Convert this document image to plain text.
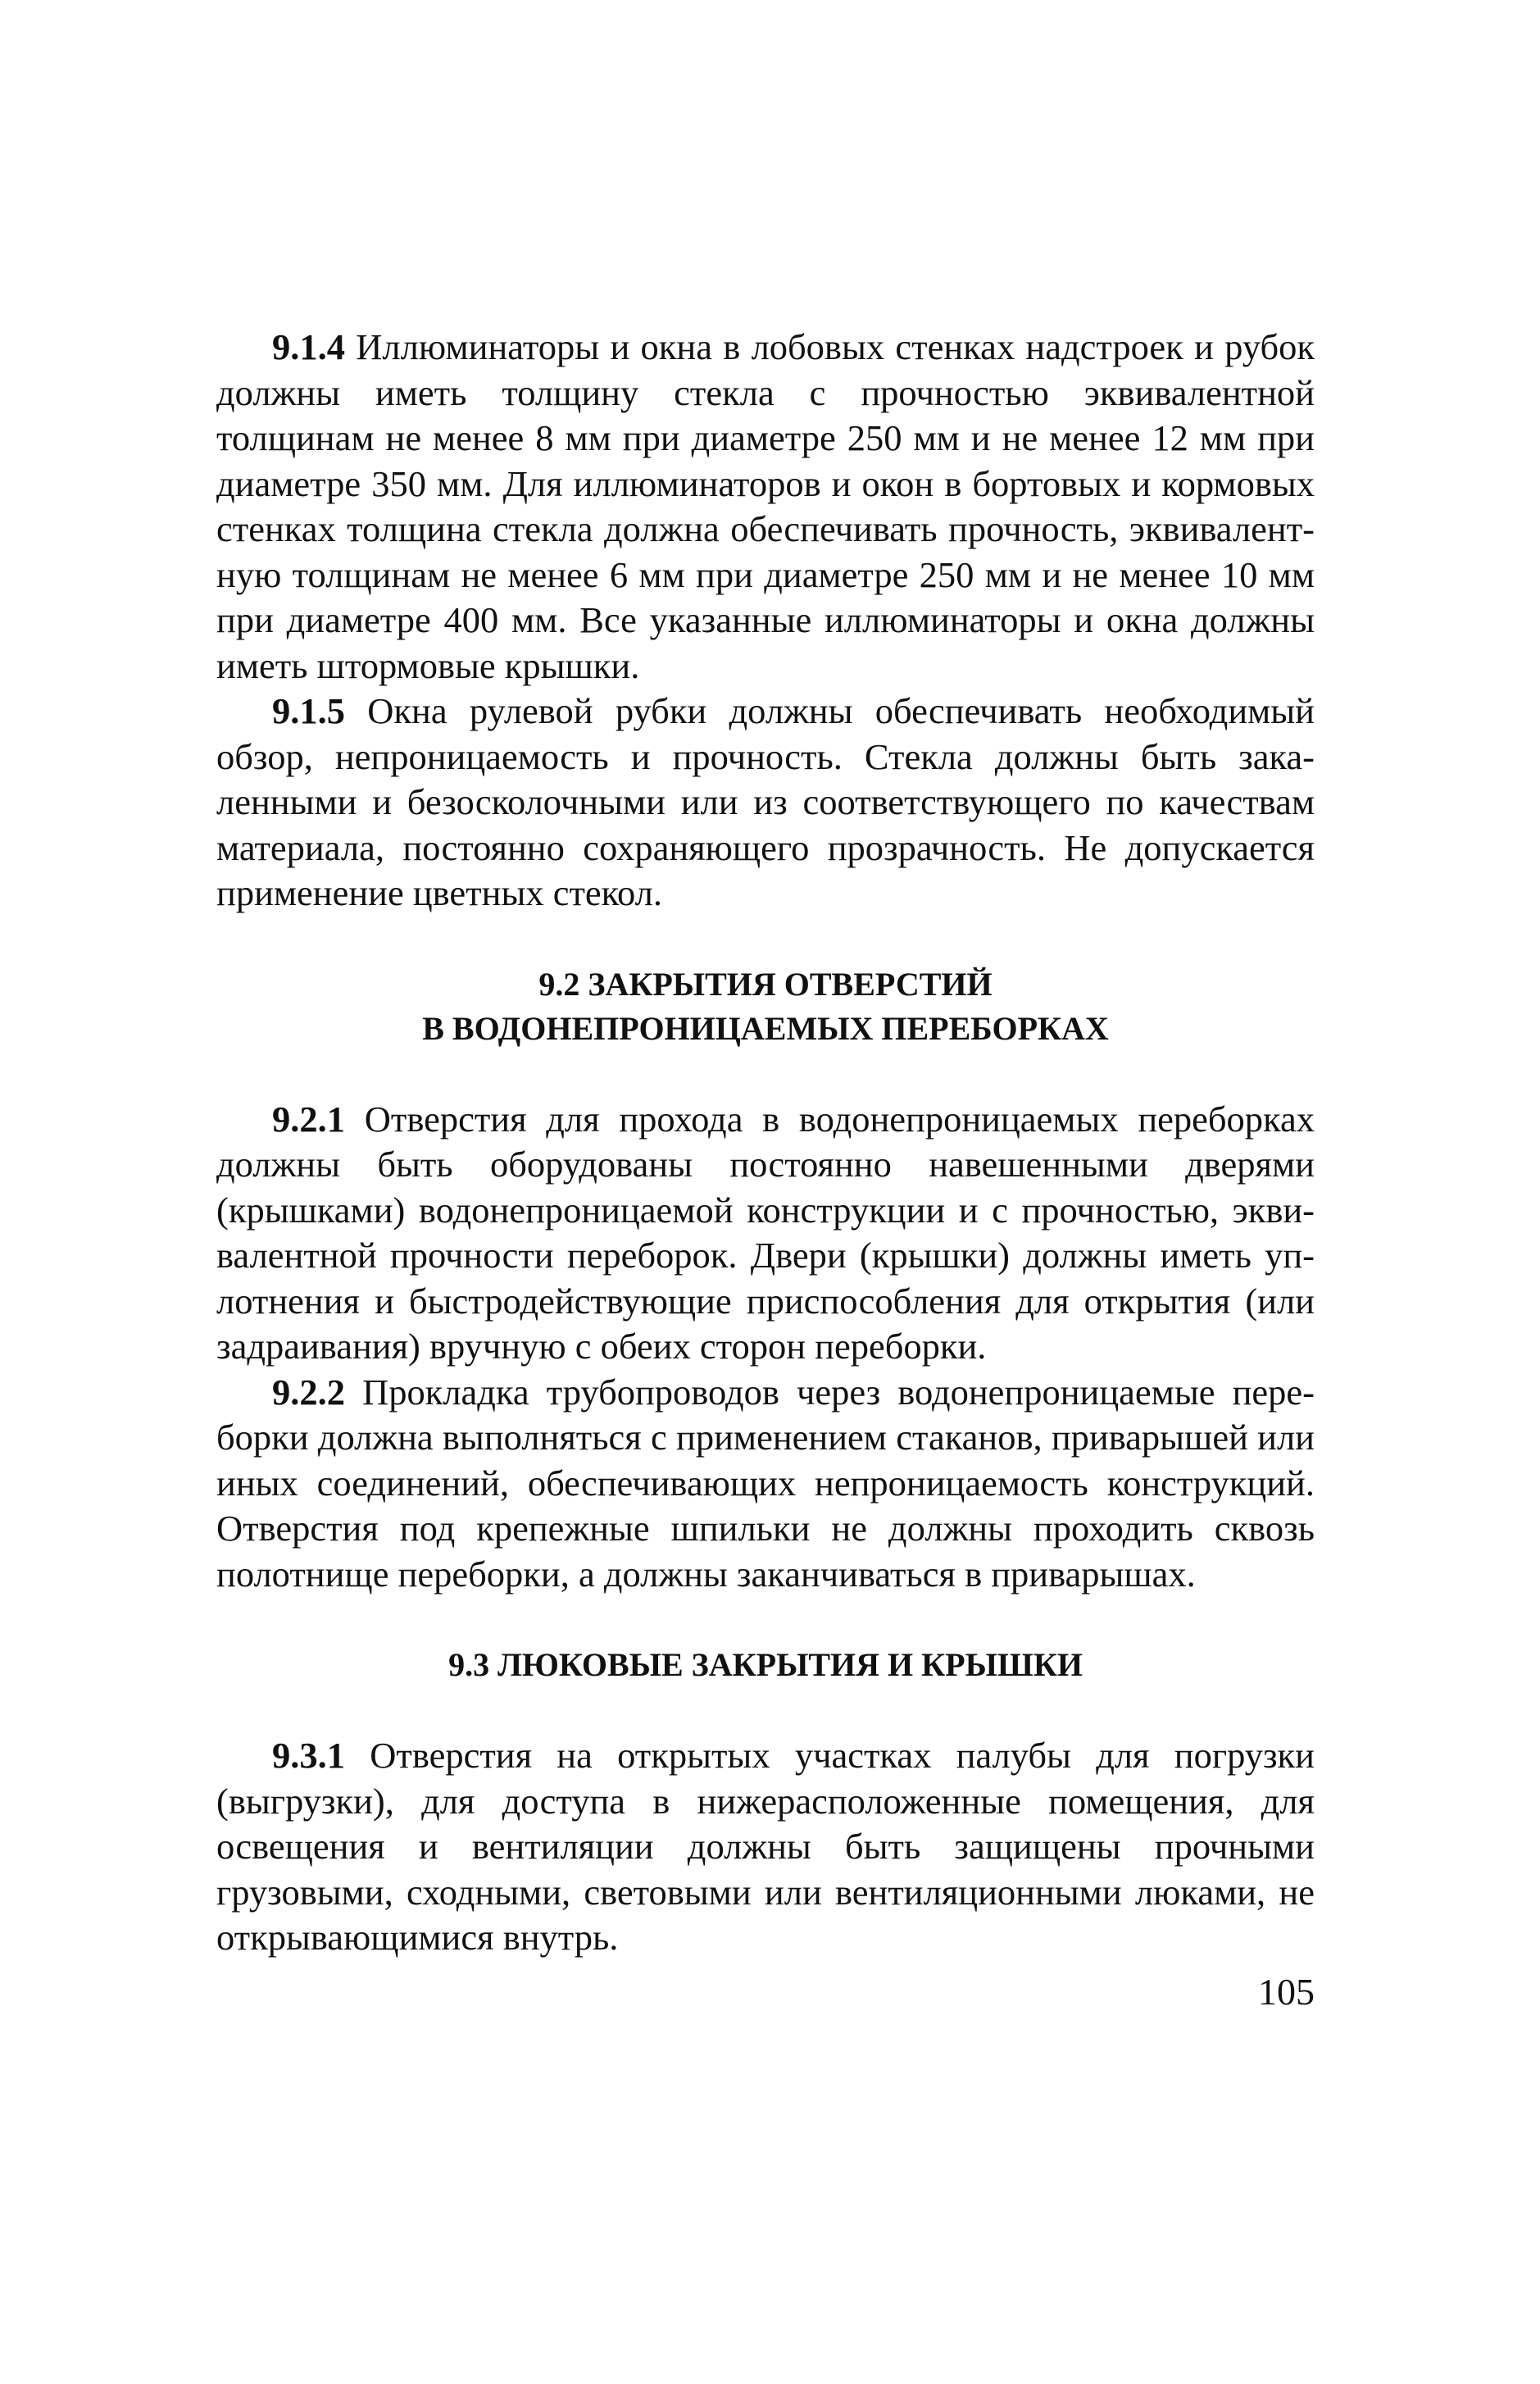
9.1.4 Иллюминаторы и окна в лобовых стенках надстроек и рубок должны иметь толщину стекла с прочностью эквивалентной толщинам не менее 8 мм при диаметре 250 мм и не менее 12 мм при диаметре 350 мм. Для иллюминаторов и окон в бортовых и кормовых стенках толщина стекла должна обеспечивать прочность, эквивалентную толщинам не менее 6 мм при диаметре 250 мм и не менее 10 мм при диаметре 400 мм. Все указанные иллюминаторы и окна должны иметь штормовые крышки.

9.1.5 Окна рулевой рубки должны обеспечивать необходимый обзор, непроницаемость и прочность. Стекла должны быть закаленными и безосколочными или из соответствующего по качествам материала, постоянно сохраняющего прозрачность. Не допускается применение цветных стекол.

9.2 ЗАКРЫТИЯ ОТВЕРСТИЙ
В ВОДОНЕПРОНИЦАЕМЫХ ПЕРЕБОРКАХ

9.2.1 Отверстия для прохода в водонепроницаемых переборках должны быть оборудованы постоянно навешенными дверями (крышками) водонепроницаемой конструкции и с прочностью, эквивалентной прочности переборок. Двери (крышки) должны иметь уплотнения и быстродействующие приспособления для открытия (или задраивания) вручную с обеих сторон переборки.

9.2.2 Прокладка трубопроводов через водонепроницаемые переборки должна выполняться с применением стаканов, приварышей или иных соединений, обеспечивающих непроницаемость конструкций. Отверстия под крепежные шпильки не должны проходить сквозь полотнище переборки, а должны заканчиваться в приварышах.

9.3 ЛЮКОВЫЕ ЗАКРЫТИЯ И КРЫШКИ

9.3.1 Отверстия на открытых участках палубы для погрузки (выгрузки), для доступа в нижерасположенные помещения, для освещения и вентиляции должны быть защищены прочными грузовыми, сходными, световыми или вентиляционными люками, не открывающимися внутрь.

105
